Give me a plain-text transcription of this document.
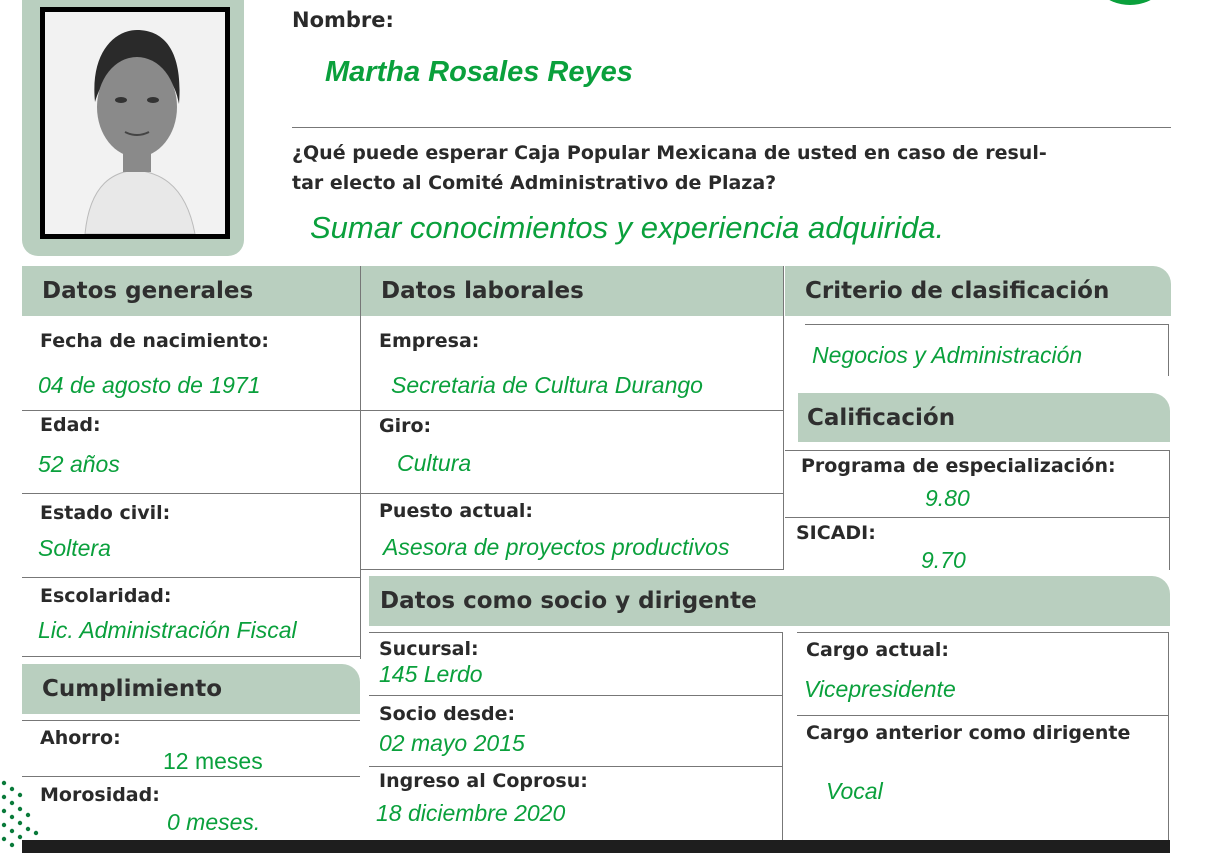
Nombre:
Martha Rosales Reyes
¿Qué puede esperar Caja Popular Mexicana de usted en caso de resul-
tar electo al Comité Administrativo de Plaza?
Sumar conocimientos y experiencia adquirida.
Datos generales	Datos laborales	Criterio de clasificación
Fecha de nacimiento:
04 de agosto de 1971
Edad:
52 años
Estado civil:
Soltera
Escolaridad:
Lic. Administración Fiscal
Cumplimiento
Ahorro:
12 meses
Morosidad:
0 meses.
Empresa:
Secretaria de Cultura Durango
Giro:
Cultura
Puesto actual:
Asesora de proyectos productivos
Negocios y Administración
Calificación
Programa de especialización:
9.80
SICADI:
9.70
Datos como socio y dirigente
Sucursal:
145 Lerdo
Socio desde:
02 mayo 2015
Ingreso al Coprosu:
18 diciembre 2020
Cargo actual:
Vicepresidente
Cargo anterior como dirigente
Vocal
